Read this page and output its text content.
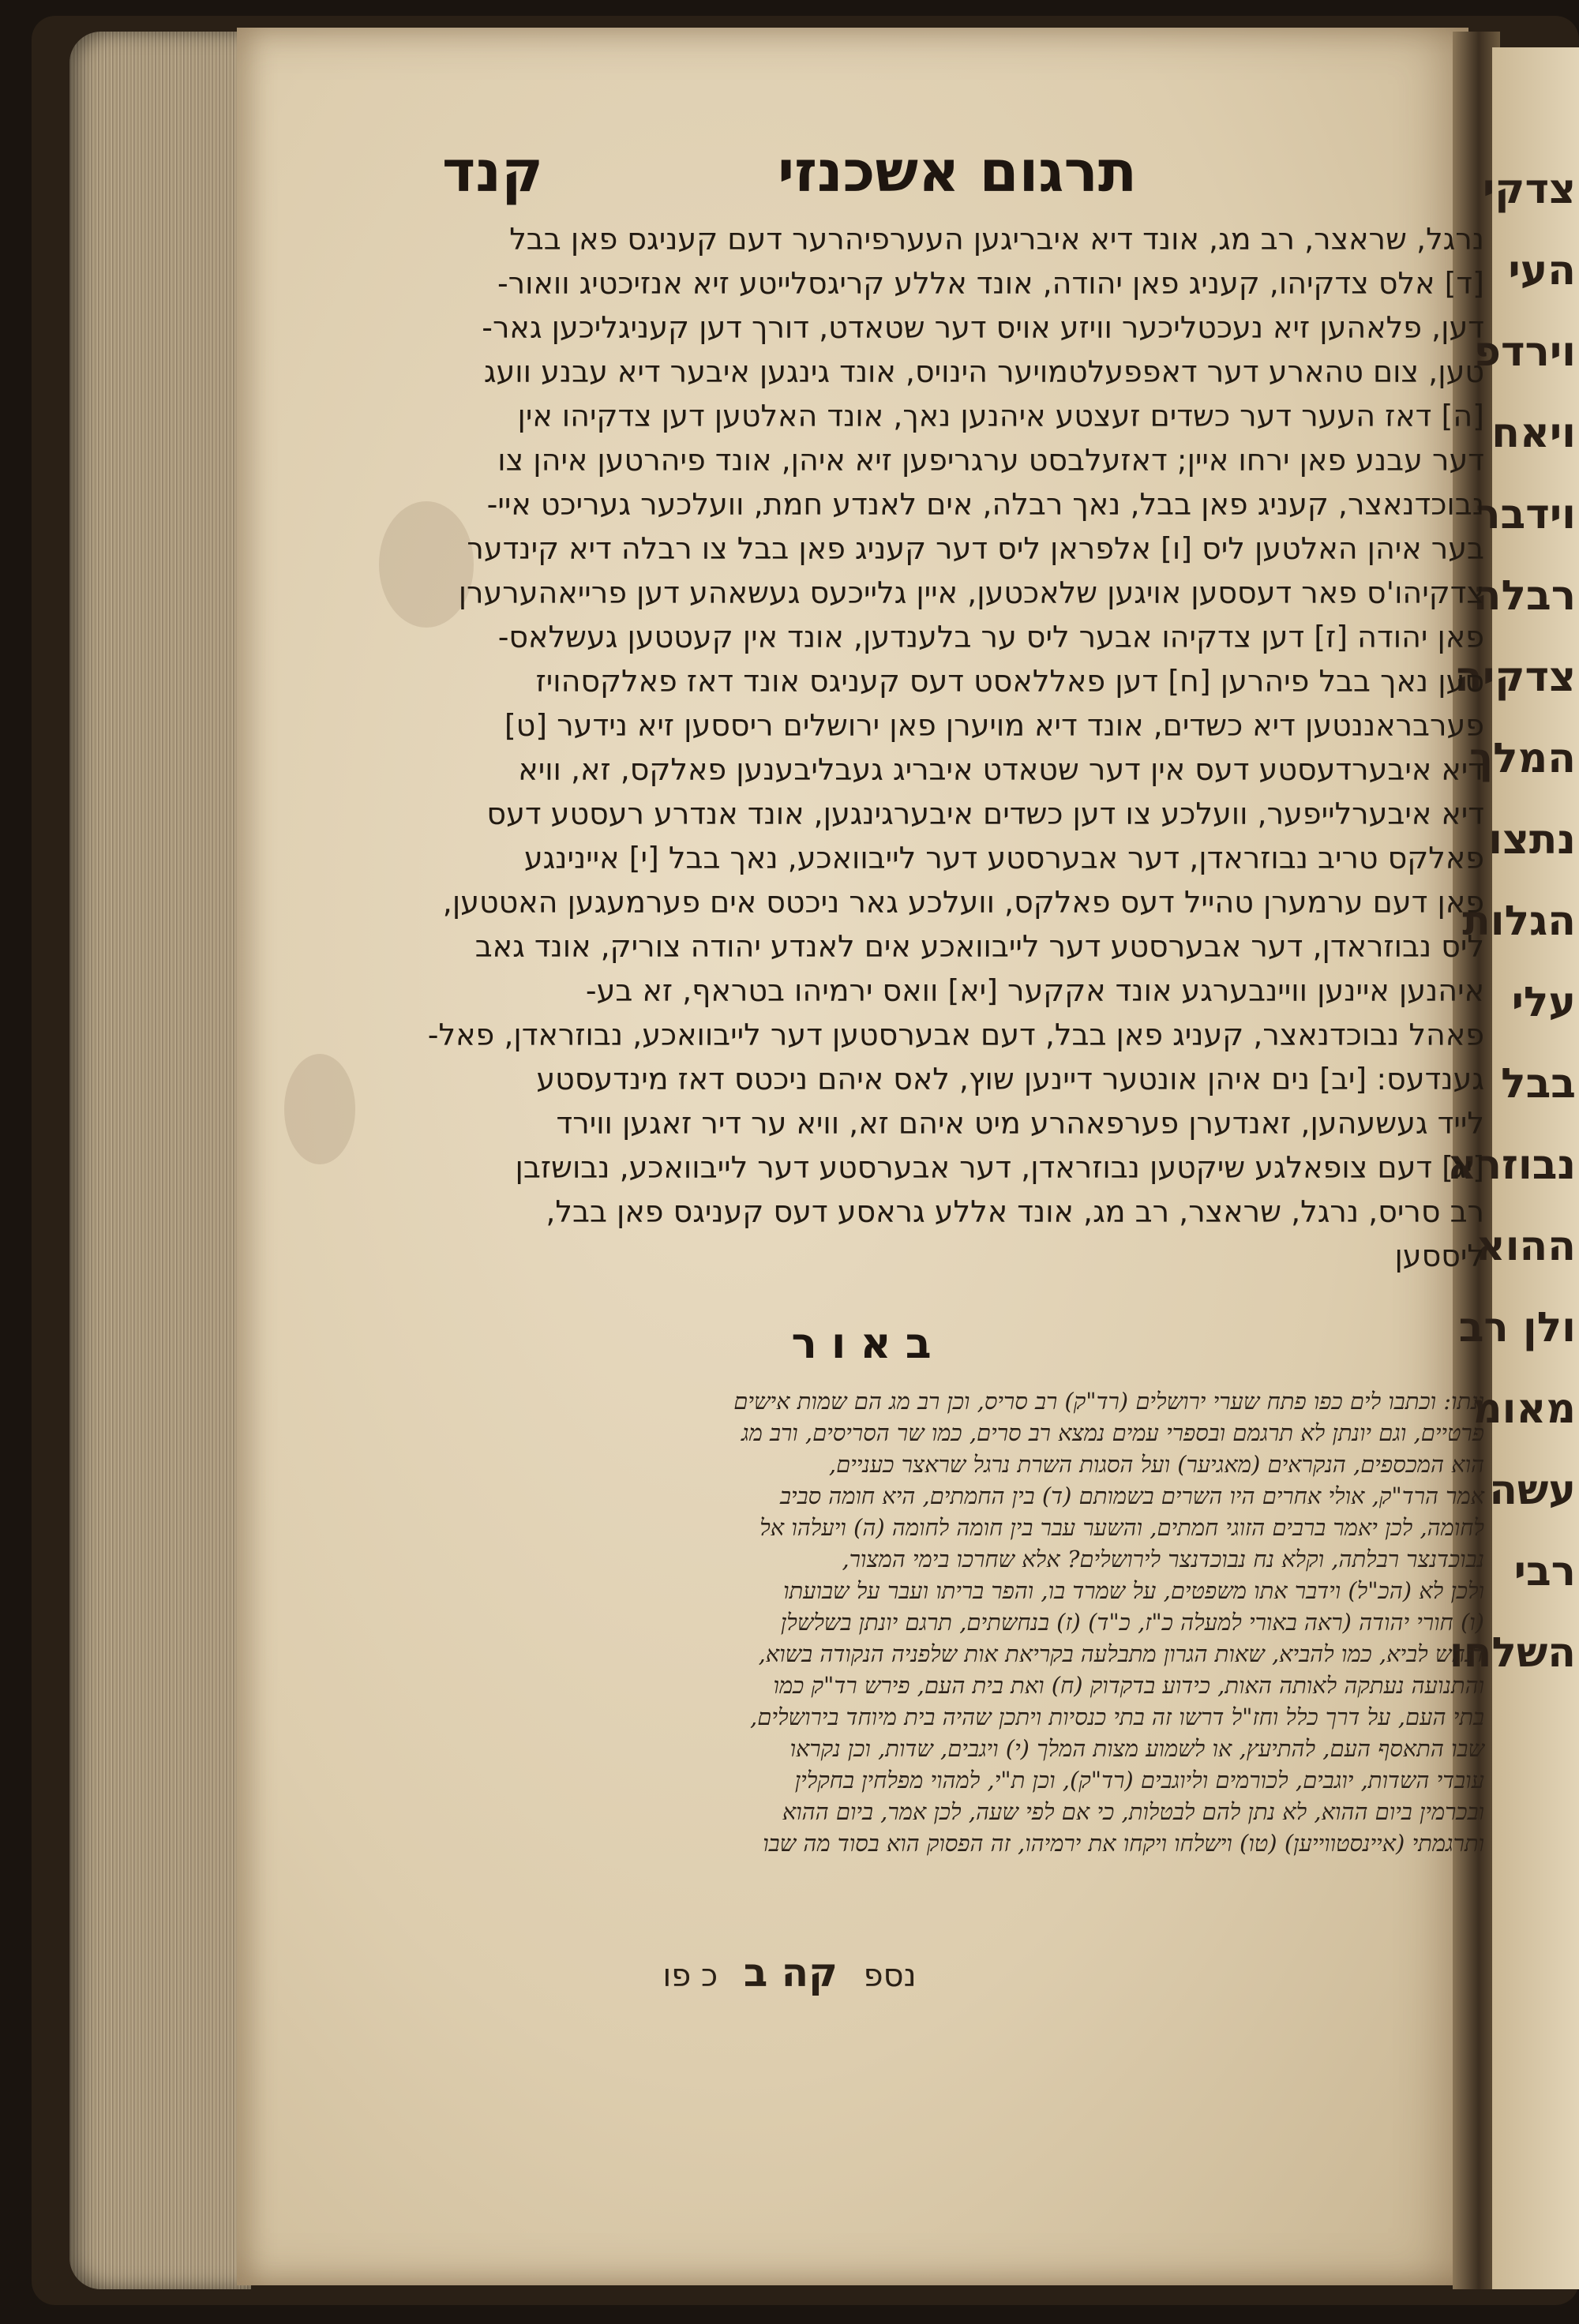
צדקי
העי
וירדפ
ויאח
וידבר
רבלה
צדקיה
המלך
נתצו
הגלות
עלי
בבל
נבוזרא
ההוא
ולן רב
מאומ
עשה
רבי
השלחו
תרגום אשכנזי
קנד
נרגל, שראצר, רב מג, אונד דיא איבריגען העערפיהרער דעם קעניגס פאן בבל
[ד] אלס צדקיהו, קעניג פאן יהודה, אונד אללע קריגסלייטע זיא אנזיכטיג וואור-
דען, פלאהען זיא נעכטליכער וויזע אויס דער שטאדט, דורך דען קעניגליכען גאר-
טען, צום טהארע דער דאפפעלטמויער הינויס, אונד גינגען איבער דיא עבנע וועג
[ה] דאז העער דער כשדים זעצטע איהנען נאך, אונד האלטען דען צדקיהו אין
דער עבנע פאן ירחו איין; דאזעלבסט ערגריפען זיא איהן, אונד פיהרטען איהן צו
נבוכדנאצר, קעניג פאן בבל, נאך רבלה, אים לאנדע חמת, וועלכער געריכט איי-
בער איהן האלטען ליס [ו] אלפראן ליס דער קעניג פאן בבל צו רבלה דיא קינדער
צדקיהו'ס פאר דעססען אויגען שלאכטען, איין גלייכעס געשאהע דען פרייאהערערן
פאן יהודה [ז] דען צדקיהו אבער ליס ער בלענדען, אונד אין קעטטען געשלאס-
סען נאך בבל פיהרען [ח] דען פאללאסט דעס קעניגס אונד דאז פאלקסהויז
פערבראננטען דיא כשדים, אונד דיא מויערן פאן ירושלים ריססען זיא נידער [ט]
דיא איבערדעסטע דעס אין דער שטאדט איבריג געבליבענען פאלקס, זא, וויא
דיא איבערלייפער, וועלכע צו דען כשדים איבערגינגען, אונד אנדרע רעסטע דעס
פאלקס טריב נבוזראדן, דער אבערסטע דער לייבוואכע, נאך בבל [י] איינינגע
פאן דעם ערמערן טהייל דעס פאלקס, וועלכע גאר ניכטס אים פערמעגען האטטען,
ליס נבוזראדן, דער אבערסטע דער לייבוואכע אים לאנדע יהודה צוריק, אונד גאב
איהנען איינען וויינבערגע אונד אקקער [יא] וואס ירמיהו בטראף, זא בע-
פאהל נבוכדנאצר, קעניג פאן בבל, דעם אבערסטען דער לייבוואכע, נבוזראדן, פאל-
גענדעס: [יב] נים איהן אונטער דיינען שוץ, לאס איהם ניכטס דאז מינדעסטע
לייד געשעהען, זאנדערן פערפאהרע מיט איהם זא, וויא ער דיר זאגען ווירד
[יג] דעם צופאלגע שיקטען נבוזראדן, דער אבערסטע דער לייבוואכע, נבושזבן
רב סריס, נרגל, שראצר, רב מג, אונד אללע גראסע דעס קעניגס פאן בבל,
ליססען
באור
ונתו: וכתבו לים כפו פתח שערי ירושלים (רד"ק) רב סריס, וכן רב מג הם שמות אישים
פרטיים, וגם יונתן לא תרגמם ובספרי עמים נמצא רב סרים, כמו שר הסריסים, ורב מג
הוא המכספים, הנקראים (מאגיער) ועל הסגות השרת נרגל שראצר כעניים,
אמר הרד"ק, אולי אחרים היו השרים בשמותם (ד) בין החמתים, היא חומה סביב
לחומה, לכן יאמר ברבים הזוגי חמתים, והשער עבר בין חומה לחומה (ה) ויעלהו אל
נבוכדנצר רבלתה, וקלא נח נבוכדנצר לירושלים? אלא שחרכו בימי המצור,
ולכן לא (הכ"ל) וידבר אתו משפטים, על שמרד בו, והפר בריתו ועבר על שבועתו
(ו) חורי יהודה (ראה באורי למעלה כ"ז, כ"ד) (ז) בנחשתים, תרגם יונתן בשלשלן
דנחש לביא, כמו להביא, שאות הגרון מתבלעה בקריאת אות שלפניה הנקודה בשוא,
והתנועה נעתקה לאותה האות, כידוע בדקדוק (ח) ואת בית העם, פירש רד"ק כמו
בתי העם, על דרך כלל וחז"ל דרשו זה בתי כנסיות ויתכן שהיה בית מיוחד בירושלים,
שבו התאסף העם, להתיעץ, או לשמוע מצות המלך (י) ויגבים, שדות, וכן נקראו
עובדי השדות, יוגבים, לכורמים וליוגבים (רד"ק), וכן ת"י, למהוי מפלחין בחקלין
ובכרמין ביום ההוא, לא נתן להם לבטלות, כי אם לפי שעה, לכן אמר, ביום ההוא
ותרגמתי (איינסטווייען) (טו) וישלחו ויקחו את ירמיהו, זה הפסוק הוא בסוד מה שבו
נספ קה ב כ פו
